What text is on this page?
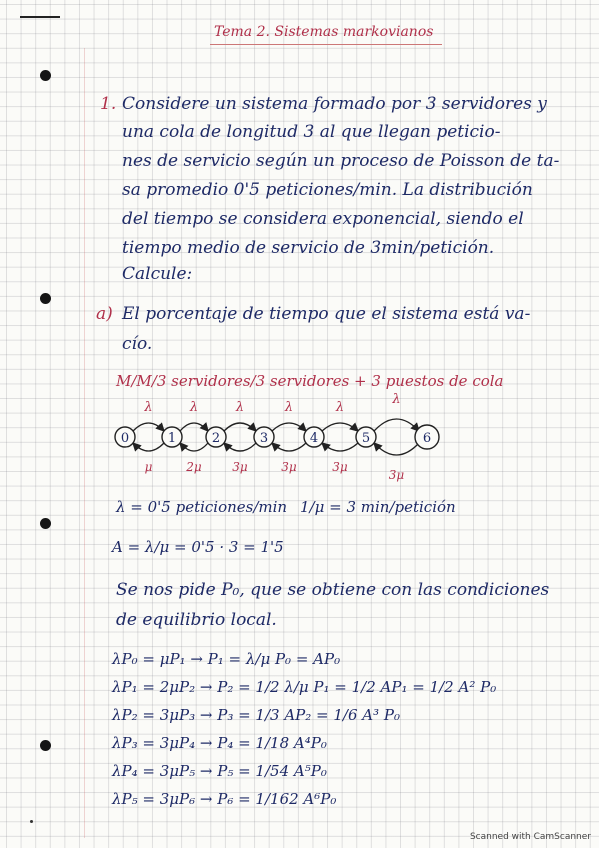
Tema 2. Sistemas markovianos
1. Considere un sistema formado por 3 servidores y
una cola de longitud 3 al que llegan peticio-
nes de servicio según un proceso de Poisson de ta-
sa promedio 0'5 peticiones/min. La distribución
del tiempo se considera exponencial, siendo el
tiempo medio de servicio de 3min/petición.
Calcule:
a) El porcentaje de tiempo que el sistema está va-
cío.
M/M/3 servidores/3 servidores + 3 puestos de cola
λ
μ
λ
2μ
λ
3μ
λ
3μ
λ
3μ
λ
3μ
0	1	2	3	4	5	6
λ = 0'5 peticiones/min 1/μ = 3 min/petición
A = λ/μ = 0'5 · 3 = 1'5
Se nos pide P₀, que se obtiene con las condiciones
de equilibrio local.
λP₀ = μP₁ → P₁ = λ/μ P₀ = AP₀
λP₁ = 2μP₂ → P₂ = 1/2 λ/μ P₁ = 1/2 AP₁ = 1/2 A² P₀
λP₂ = 3μP₃ → P₃ = 1/3 AP₂ = 1/6 A³ P₀
λP₃ = 3μP₄ → P₄ = 1/18 A⁴P₀
λP₄ = 3μP₅ → P₅ = 1/54 A⁵P₀
λP₅ = 3μP₆ → P₆ = 1/162 A⁶P₀
Scanned with CamScanner
